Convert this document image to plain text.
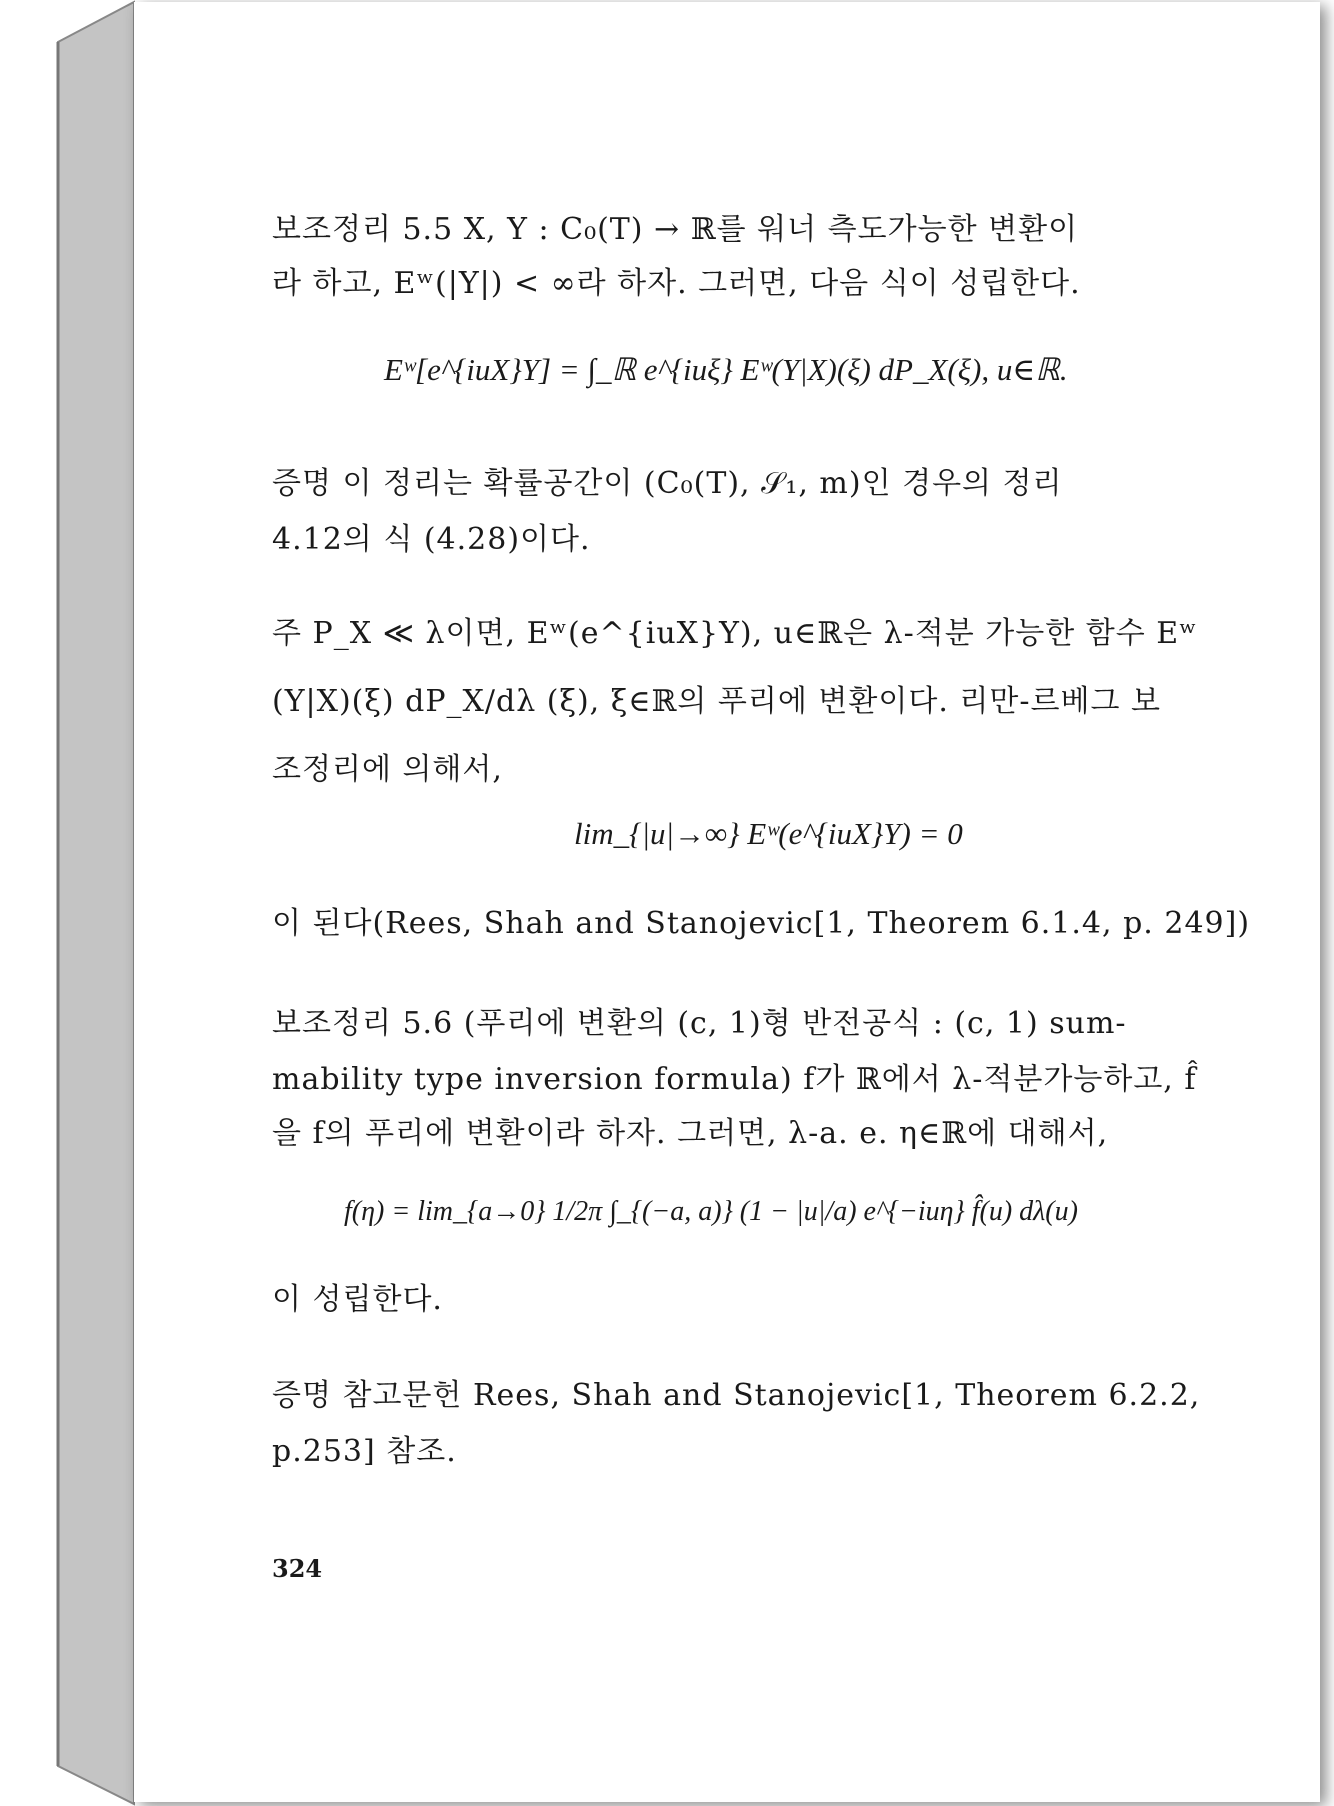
보조정리 5.5 X, Y : C₀(T) → ℝ를 워너 측도가능한 변환이
라 하고, Eʷ(|Y|) < ∞라 하자. 그러면, 다음 식이 성립한다.
Eʷ[e^{iuX}Y] = ∫_ℝ e^{iuξ} Eʷ(Y|X)(ξ) dP_X(ξ), u∈ℝ.
증명 이 정리는 확률공간이 (C₀(T), 𝒮₁, m)인 경우의 정리
4.12의 식 (4.28)이다.
주 P_X ≪ λ이면, Eʷ(e^{iuX}Y), u∈ℝ은 λ-적분 가능한 함수 Eʷ
(Y|X)(ξ) dP_X/dλ (ξ), ξ∈ℝ의 푸리에 변환이다. 리만-르베그 보
조정리에 의해서,
lim_{|u|→∞} Eʷ(e^{iuX}Y) = 0
이 된다(Rees, Shah and Stanojevic[1, Theorem 6.1.4, p. 249])
보조정리 5.6 (푸리에 변환의 (c, 1)형 반전공식 : (c, 1) sum-
mability type inversion formula) f가 ℝ에서 λ-적분가능하고, f̂
을 f의 푸리에 변환이라 하자. 그러면, λ-a. e. η∈ℝ에 대해서,
f(η) = lim_{a→0} 1/2π ∫_{(−a, a)} (1 − |u|/a) e^{−iuη} f̂(u) dλ(u)
이 성립한다.
증명 참고문헌 Rees, Shah and Stanojevic[1, Theorem 6.2.2,
p.253] 참조.
324
